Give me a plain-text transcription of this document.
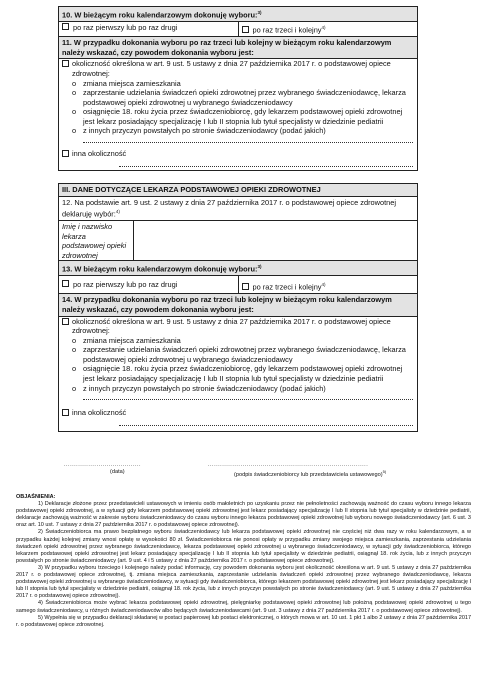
10. W bieżącym roku kalendarzowym dokonuję wyboru:$^{3)}$
po raz pierwszy lub po raz drugi	po raz trzeci i kolejny$^{4)}$
11. W przypadku dokonania wyboru po raz trzeci lub kolejny w bieżącym roku kalendarzowym należy wskazać, czy powodem dokonania wyboru jest:
okoliczność określona w art. 9 ust. 5 ustawy z dnia 27 października 2017 r. o podstawowej opiece zdrowotnej:
o zmiana miejsca zamieszkania
o zaprzestanie udzielania świadczeń opieki zdrowotnej przez wybranego świadczeniodawcę, lekarza podstawowej opieki zdrowotnej u wybranego świadczeniodawcy
o osiągnięcie 18. roku życia przez świadczeniobiorcę, gdy lekarzem podstawowej opieki zdrowotnej jest lekarz posiadający specjalizację I lub II stopnia lub tytuł specjalisty w dziedzinie pediatrii
o z innych przyczyn powstałych po stronie świadczeniodawcy (podać jakich)
inna okoliczność
III. DANE DOTYCZĄCE LEKARZA PODSTAWOWEJ OPIEKI ZDROWOTNEJ
12. Na podstawie art. 9 ust. 2 ustawy z dnia 27 października 2017 r. o podstawowej opiece zdrowotnej deklaruję wybór:$^{4)}$
Imię i nazwisko lekarza podstawowej opieki zdrowotnej
13. W bieżącym roku kalendarzowym dokonuję wyboru:$^{3)}$
po raz pierwszy lub po raz drugi	po raz trzeci i kolejny$^{4)}$
14. W przypadku dokonania wyboru po raz trzeci lub kolejny w bieżącym roku kalendarzowym należy wskazać, czy powodem dokonania wyboru jest:
okoliczność określona w art. 9 ust. 5 ustawy z dnia 27 października 2017 r. o podstawowej opiece zdrowotnej:
o zmiana miejsca zamieszkania
o zaprzestanie udzielania świadczeń opieki zdrowotnej przez wybranego świadczeniodawcę, lekarza podstawowej opieki zdrowotnej u wybranego świadczeniodawcy
o osiągnięcie 18. roku życia przez świadczeniobiorcę, gdy lekarzem podstawowej opieki zdrowotnej jest lekarz posiadający specjalizację I lub II stopnia lub tytuł specjalisty w dziedzinie pediatrii
o z innych przyczyn powstałych po stronie świadczeniodawcy (podać jakich)
inna okoliczność
......................................
(data)
...............................................................................
(podpis świadczeniobiorcy lub przedstawiciela ustawowego)$^{5)}$
OBJAŚNIENIA:

1) Deklaracje złożone przez przedstawicieli ustawowych w imieniu osób małoletnich po uzyskaniu przez nie pełnoletności zachowują ważność do czasu wyboru innego lekarza podstawowej opieki zdrowotnej, a w sytuacji gdy lekarzem podstawowej opieki zdrowotnej jest lekarz posiadający specjalizację I lub II stopnia lub tytuł specjalisty w dziedzinie pediatrii, deklaracje zachowują ważność w zakresie wyboru świadczeniodawcy do czasu wyboru innego lekarza podstawowej opieki zdrowotnej lub wyboru nowego świadczeniodawcy (art. 6 ust. 3 oraz art. 10 ust. 7 ustawy z dnia 27 października 2017 r. o podstawowej opiece zdrowotnej).

2) Świadczeniobiorca ma prawo bezpłatnego wyboru świadczeniodawcy lub lekarza podstawowej opieki zdrowotnej nie częściej niż dwa razy w roku kalendarzowym, a w przypadku każdej kolejnej zmiany wnosi opłatę w wysokości 80 zł. Świadczeniobiorca nie ponosi opłaty w przypadku zmiany swojego miejsca zamieszkania, zaprzestania udzielania świadczeń opieki zdrowotnej przez wybranego świadczeniodawcę, lekarza podstawowej opieki zdrowotnej u wybranego świadczeniodawcy, w sytuacji gdy świadczeniobiorca, którego lekarzem podstawowej opieki zdrowotnej jest lekarz posiadający specjalizację I lub II stopnia lub tytuł specjalisty w dziedzinie pediatrii, osiągnął 18. rok życia, lub z innych przyczyn powstałych po stronie świadczeniodawcy (art. 9 ust. 4 i 5 ustawy z dnia 27 października 2017 r. o podstawowej opiece zdrowotnej).

3) W przypadku wyboru trzeciego i kolejnego należy podać informację, czy powodem dokonania wyboru jest okoliczność określona w art. 9 ust. 5 ustawy z dnia 27 października 2017 r. o podstawowej opiece zdrowotnej, tj. zmiana miejsca zamieszkania, zaprzestanie udzielania świadczeń opieki zdrowotnej przez wybranego świadczeniodawcę, lekarza podstawowej opieki zdrowotnej u wybranego świadczeniodawcy, w sytuacji gdy świadczeniobiorca, którego lekarzem podstawowej opieki zdrowotnej jest lekarz posiadający specjalizację I lub II stopnia lub tytuł specjalisty w dziedzinie pediatrii, osiągnął 18. rok życia, lub z innych przyczyn powstałych po stronie świadczeniodawcy (art. 9 ust. 5 ustawy z dnia 27 października 2017 r. o podstawowej opiece zdrowotnej).

4) Świadczeniobiorca może wybrać lekarza podstawowej opieki zdrowotnej, pielęgniarkę podstawowej opieki zdrowotnej lub położną podstawowej opieki zdrowotnej u tego samego świadczeniodawcy, u różnych świadczeniodawców albo będących świadczeniodawcami (art. 9 ust. 3 ustawy z dnia 27 października 2017 r. o podstawowej opiece zdrowotnej).

5) Wypełnia się w przypadku deklaracji składanej w postaci papierowej lub postaci elektronicznej, o których mowa w art. 10 ust. 1 pkt 1 albo 2 ustawy z dnia 27 października 2017 r. o podstawowej opiece zdrowotnej.
